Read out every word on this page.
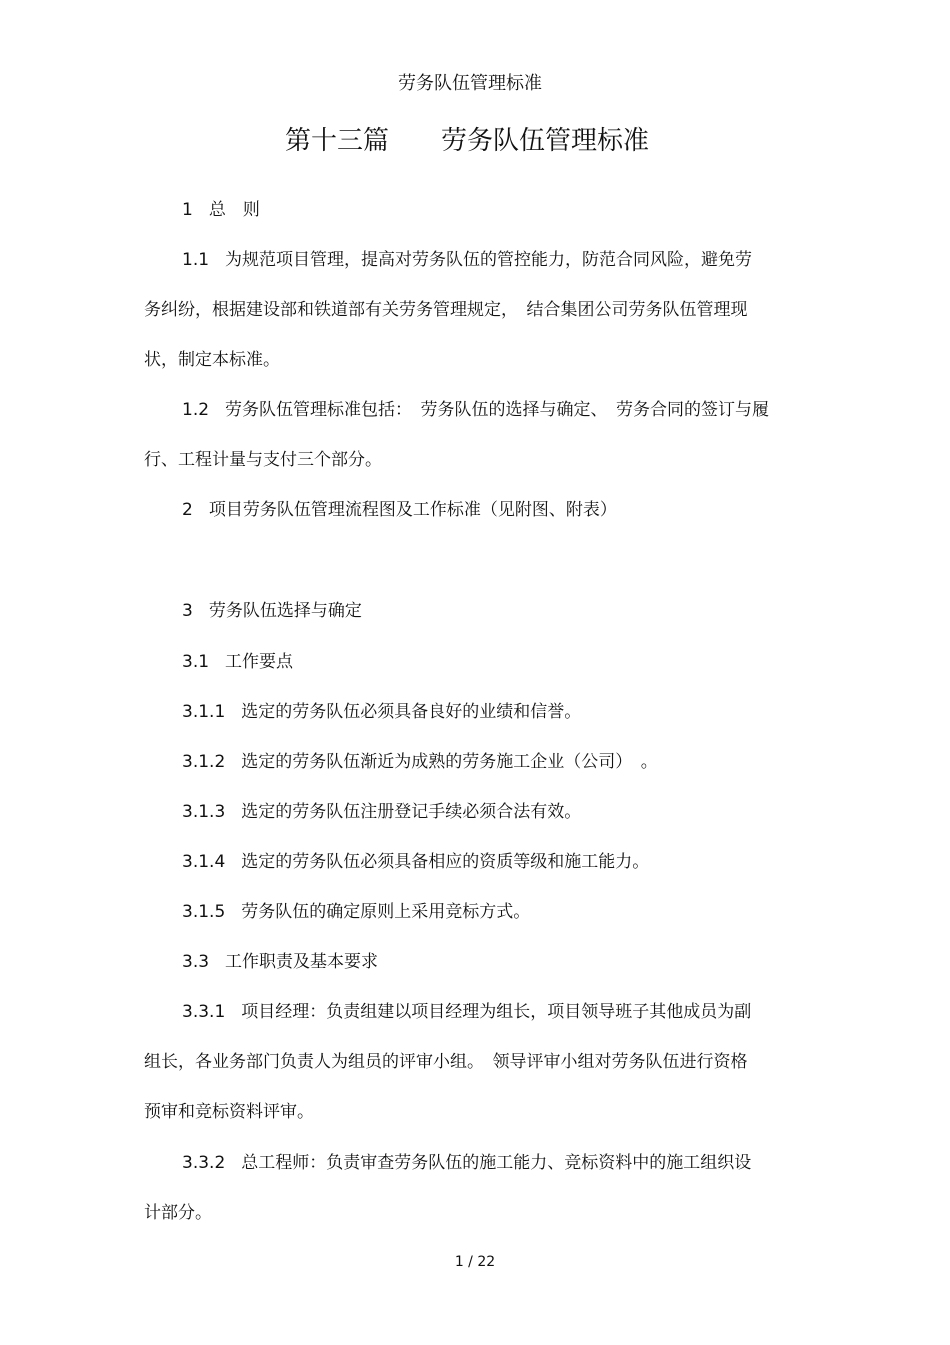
劳务队伍管理标准
第十三篇　　劳务队伍管理标准
1 总　则
1.1 为规范项目管理，提高对劳务队伍的管控能力，防范合同风险，避免劳
务纠纷，根据建设部和铁道部有关劳务管理规定，　结合集团公司劳务队伍管理现
状，制定本标准。
1.2 劳务队伍管理标准包括：　劳务队伍的选择与确定、　劳务合同的签订与履
行、工程计量与支付三个部分。
2 项目劳务队伍管理流程图及工作标准（见附图、附表）
3 劳务队伍选择与确定
3.1 工作要点
3.1.1 选定的劳务队伍必须具备良好的业绩和信誉。
3.1.2 选定的劳务队伍渐近为成熟的劳务施工企业（公司）　。
3.1.3 选定的劳务队伍注册登记手续必须合法有效。
3.1.4 选定的劳务队伍必须具备相应的资质等级和施工能力。
3.1.5 劳务队伍的确定原则上采用竞标方式。
3.3 工作职责及基本要求
3.3.1 项目经理：负责组建以项目经理为组长，项目领导班子其他成员为副
组长，各业务部门负责人为组员的评审小组。　领导评审小组对劳务队伍进行资格
预审和竞标资料评审。
3.3.2 总工程师：负责审查劳务队伍的施工能力、竞标资料中的施工组织设
计部分。
1 / 22
